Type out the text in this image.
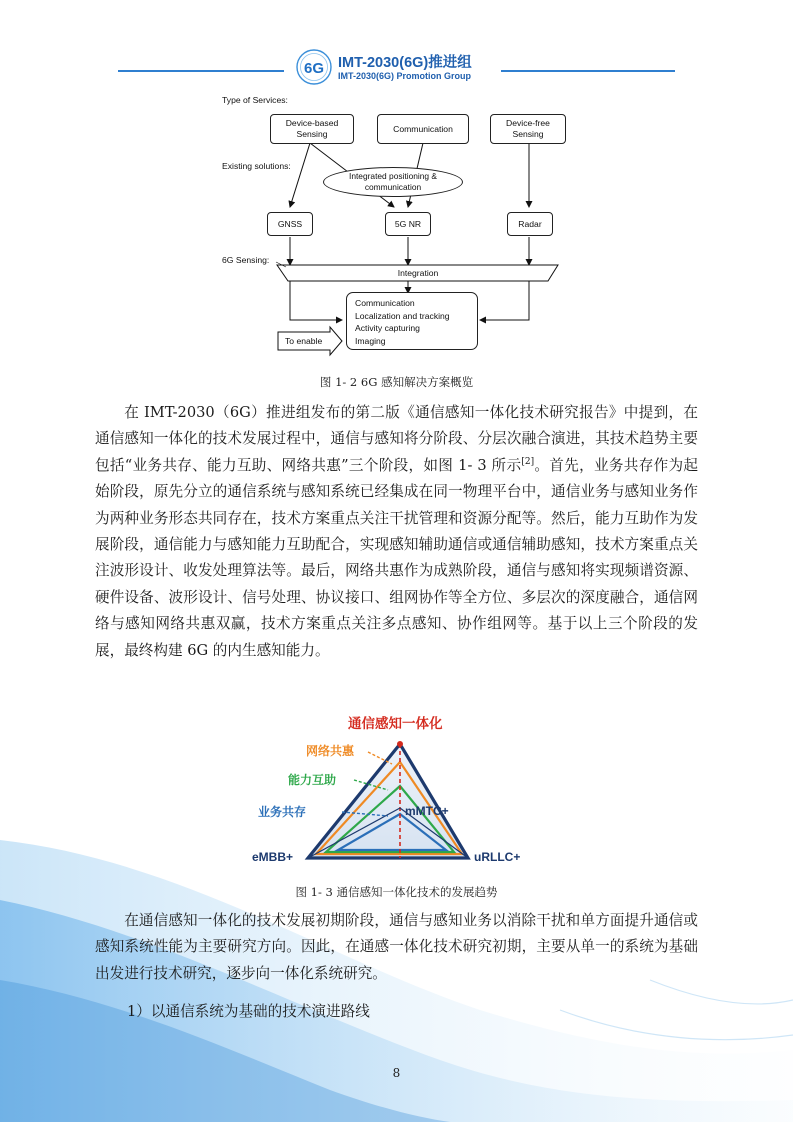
6G IMT-2030(6G)推进组
IMT-2030(6G) Promotion Group
Type of Services:
Existing solutions:
6G Sensing:
Device-based Sensing
Communication
Device-free Sensing
Integrated positioning & communication
GNSS	5G NR	Radar
Integration
Communication
Localization and tracking
Activity capturing
Imaging
To enable
图 1- 2 6G 感知解决方案概览

在 IMT-2030（6G）推进组发布的第二版《通信感知一体化技术研究报告》中提到，在通信感知一体化的技术发展过程中，通信与感知将分阶段、分层次融合演进，其技术趋势主要包括“业务共存、能力互助、网络共惠”三个阶段，如图 1- 3 所示[2]。首先，业务共存作为起始阶段，原先分立的通信系统与感知系统已经集成在同一物理平台中，通信业务与感知业务作为两种业务形态共同存在，技术方案重点关注干扰管理和资源分配等。然后，能力互助作为发展阶段，通信能力与感知能力互助配合，实现感知辅助通信或通信辅助感知，技术方案重点关注波形设计、收发处理算法等。最后，网络共惠作为成熟阶段，通信与感知将实现频谱资源、硬件设备、波形设计、信号处理、协议接口、组网协作等全方位、多层次的深度融合，通信网络与感知网络共惠双赢，技术方案重点关注多点感知、协作组网等。基于以上三个阶段的发展，最终构建 6G 的内生感知能力。

通信感知一体化
网络共惠
能力互助
业务共存	mMTC+
eMBB+	uRLLC+
图 1- 3 通信感知一体化技术的发展趋势

在通信感知一体化的技术发展初期阶段，通信与感知业务以消除干扰和单方面提升通信或感知系统性能为主要研究方向。因此，在通感一体化技术研究初期，主要从单一的系统为基础出发进行技术研究，逐步向一体化系统研究。

1）以通信系统为基础的技术演进路线
8
